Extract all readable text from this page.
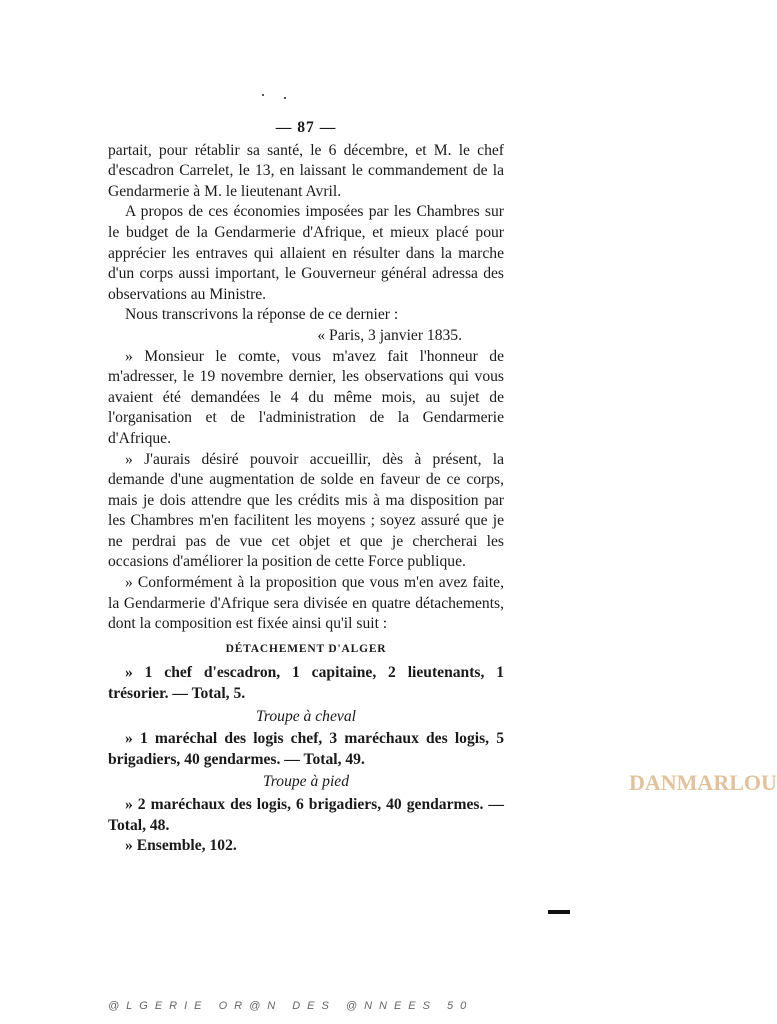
— 87 —

partait, pour rétablir sa santé, le 6 décembre, et M. le chef d'escadron Carrelet, le 13, en laissant le commandement de la Gendarmerie à M. le lieutenant Avril.

A propos de ces économies imposées par les Chambres sur le budget de la Gendarmerie d'Afrique, et mieux placé pour apprécier les entraves qui allaient en résulter dans la marche d'un corps aussi important, le Gouverneur général adressa des observations au Ministre.

Nous transcrivons la réponse de ce dernier :

« Paris, 3 janvier 1835.

» Monsieur le comte, vous m'avez fait l'honneur de m'adresser, le 19 novembre dernier, les observations qui vous avaient été demandées le 4 du même mois, au sujet de l'organisation et de l'administration de la Gendarmerie d'Afrique.

» J'aurais désiré pouvoir accueillir, dès à présent, la demande d'une augmentation de solde en faveur de ce corps, mais je dois attendre que les crédits mis à ma disposition par les Chambres m'en facilitent les moyens ; soyez assuré que je ne perdrai pas de vue cet objet et que je chercherai les occasions d'améliorer la position de cette Force publique.

» Conformément à la proposition que vous m'en avez faite, la Gendarmerie d'Afrique sera divisée en quatre détachements, dont la composition est fixée ainsi qu'il suit :

DÉTACHEMENT D'ALGER

» 1 chef d'escadron, 1 capitaine, 2 lieutenants, 1 trésorier. — Total, 5.

Troupe à cheval

» 1 maréchal des logis chef, 3 maréchaux des logis, 5 brigadiers, 40 gendarmes. — Total, 49.

Troupe à pied

» 2 maréchaux des logis, 6 brigadiers, 40 gendarmes. — Total, 48.

» Ensemble, 102.

DANMARLOU
@LGERIE OR@N DES @NNEES 50
